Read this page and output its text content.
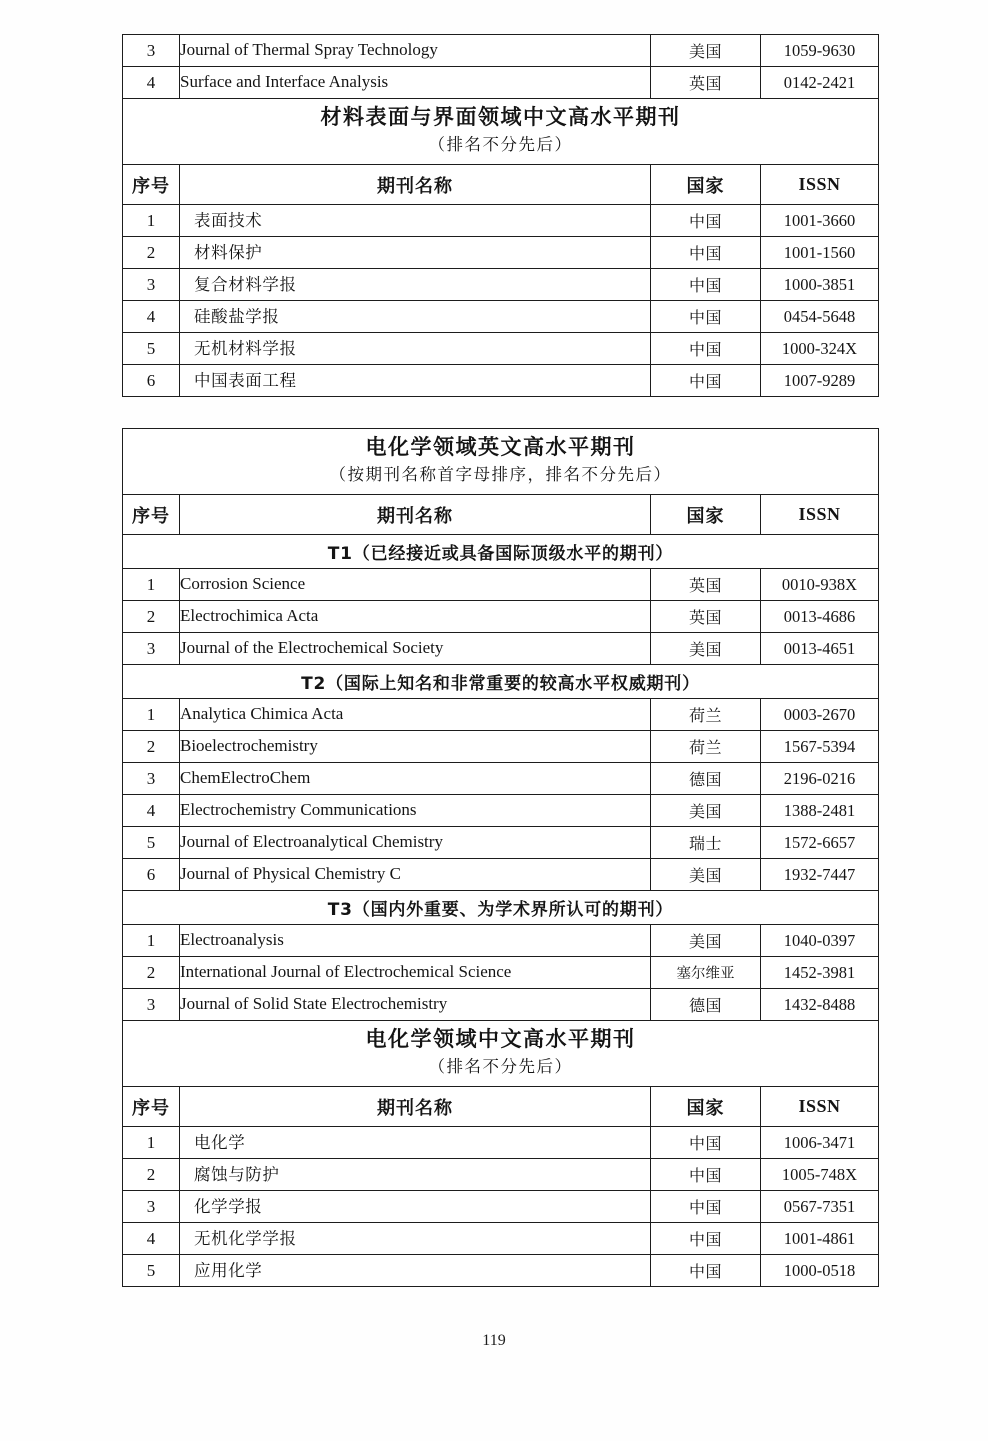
3	Journal of Thermal Spray Technology	美国	1059-9630
4	Surface and Interface Analysis	英国	0142-2421

材料表面与界面领域中文高水平期刊
（排名不分先后）			

序号	期刊名称	国家	ISSN
1	表面技术	中国	1001-3660
2	材料保护	中国	1001-1560
3	复合材料学报	中国	1000-3851
4	硅酸盐学报	中国	0454-5648
5	无机材料学报	中国	1000-324X
6	中国表面工程	中国	1007-9289
电化学领域英文高水平期刊
（按期刊名称首字母排序，排名不分先后）			

序号	期刊名称	国家	ISSN
T1（已经接近或具备国际顶级水平的期刊）			
1	Corrosion Science	英国	0010-938X
2	Electrochimica Acta	英国	0013-4686
3	Journal of the Electrochemical Society	美国	0013-4651
T2（国际上知名和非常重要的较高水平权威期刊）			
1	Analytica Chimica Acta	荷兰	0003-2670
2	Bioelectrochemistry	荷兰	1567-5394
3	ChemElectroChem	德国	2196-0216
4	Electrochemistry Communications	美国	1388-2481
5	Journal of Electroanalytical Chemistry	瑞士	1572-6657
6	Journal of Physical Chemistry C	美国	1932-7447
T3（国内外重要、为学术界所认可的期刊）			
1	Electroanalysis	美国	1040-0397
2	International Journal of Electrochemical Science	塞尔维亚	1452-3981
3	Journal of Solid State Electrochemistry	德国	1432-8488

电化学领域中文高水平期刊
（排名不分先后）			

序号	期刊名称	国家	ISSN
1	电化学	中国	1006-3471
2	腐蚀与防护	中国	1005-748X
3	化学学报	中国	0567-7351
4	无机化学学报	中国	1001-4861
5	应用化学	中国	1000-0518
119
